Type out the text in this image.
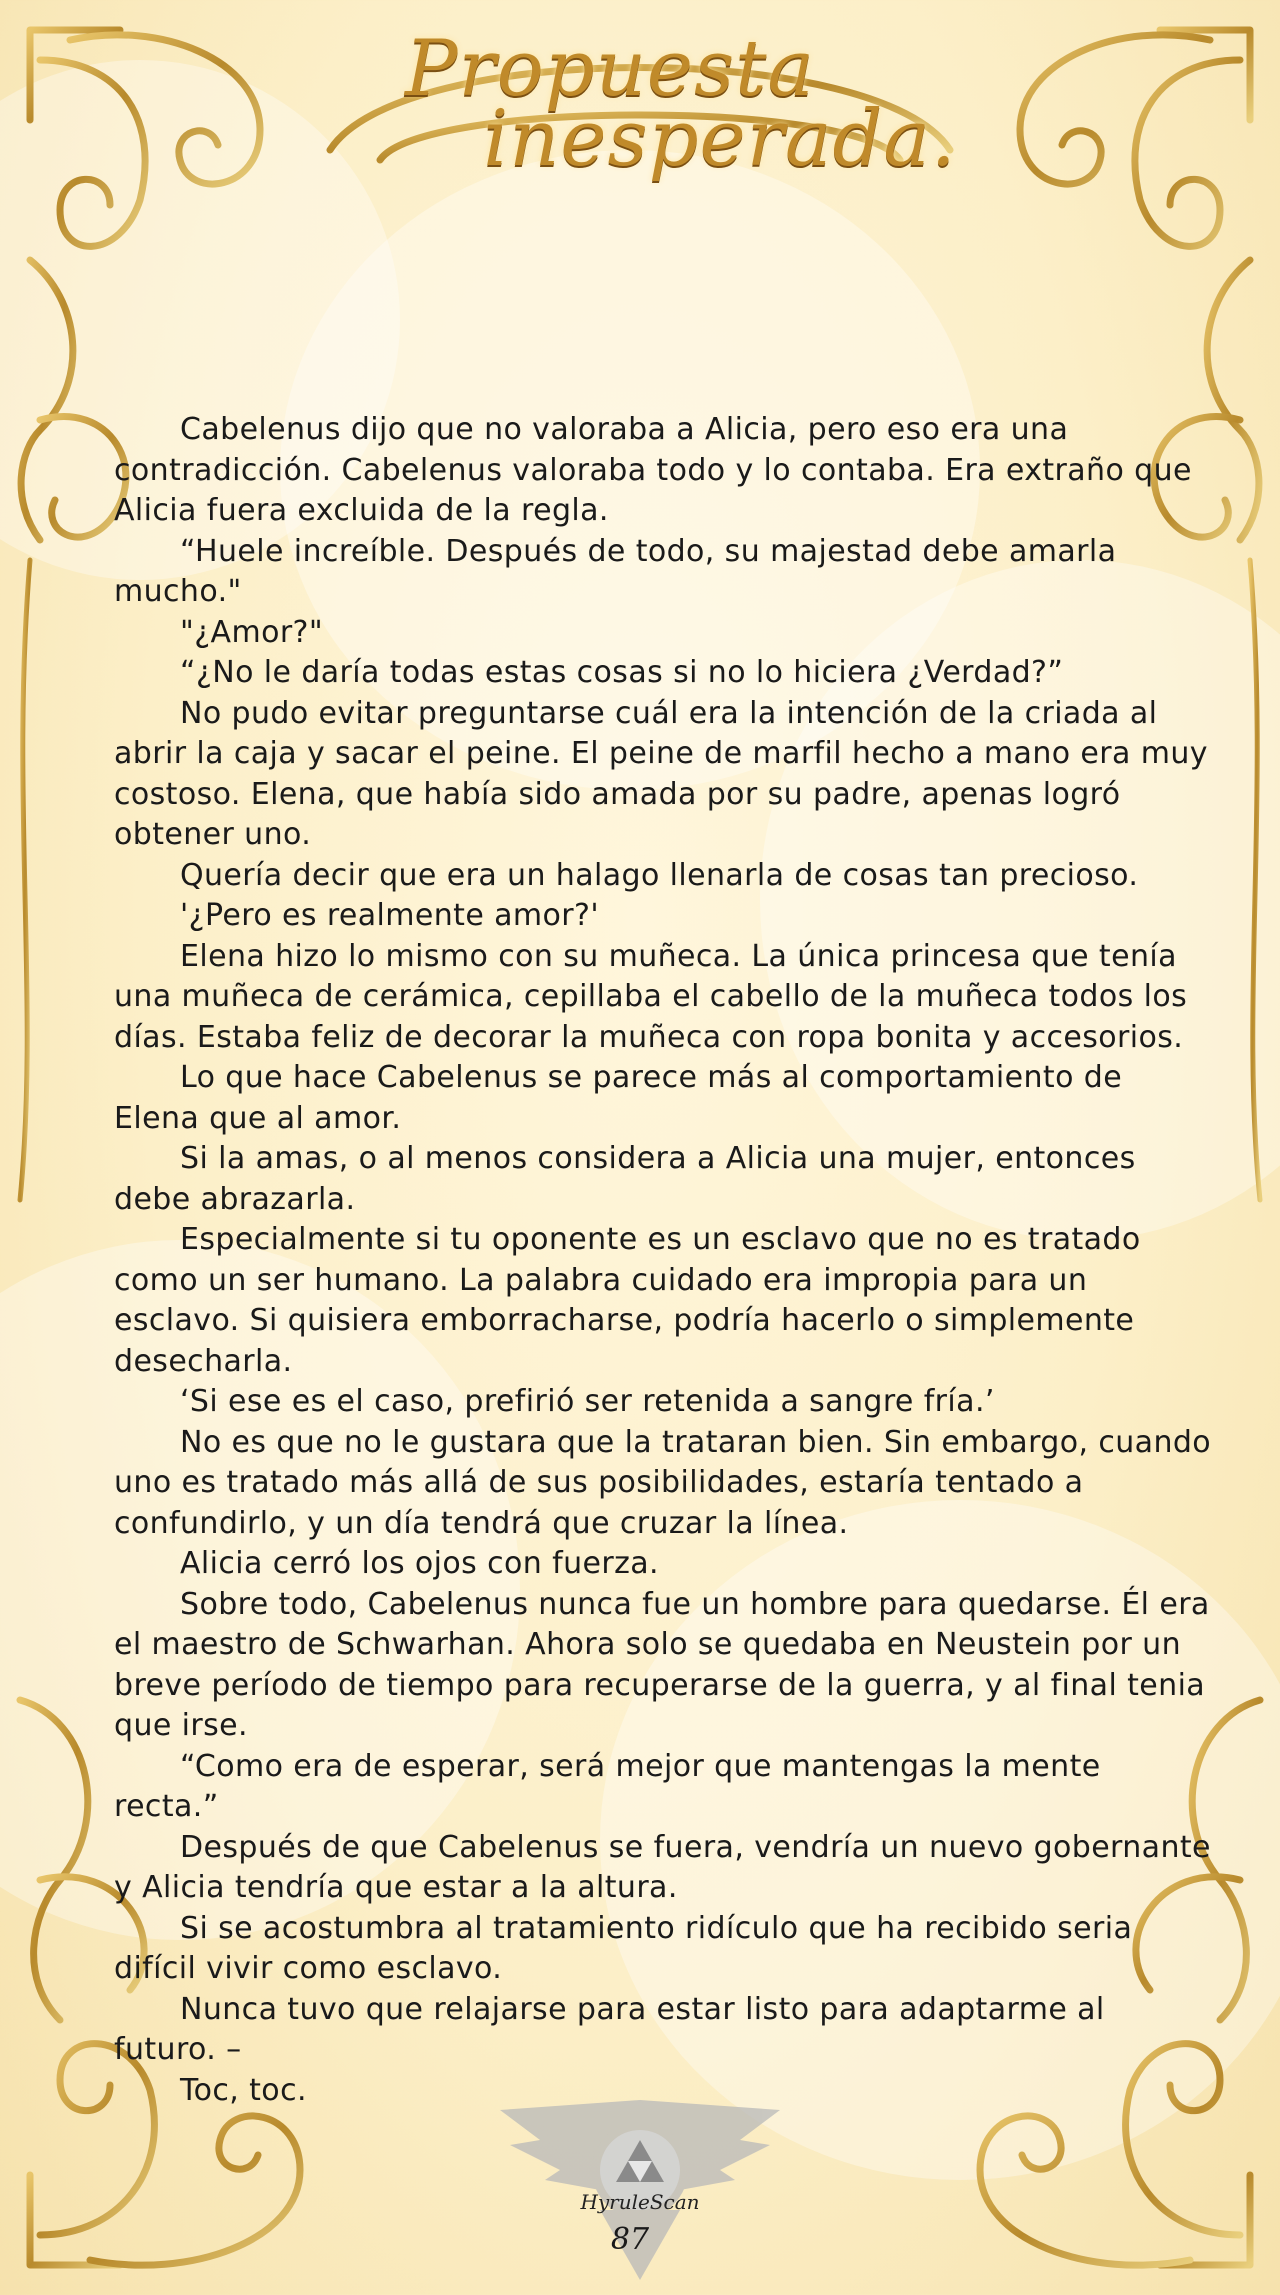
Propuesta
inesperada.

Cabelenus dijo que no valoraba a Alicia, pero eso era una contradicción. Cabelenus valoraba todo y lo contaba. Era extraño que Alicia fuera excluida de la regla.

“Huele increíble. Después de todo, su majestad debe amarla mucho."

"¿Amor?"

“¿No le daría todas estas cosas si no lo hiciera ¿Verdad?”

No pudo evitar preguntarse cuál era la intención de la criada al abrir la caja y sacar el peine. El peine de marfil hecho a mano era muy costoso. Elena, que había sido amada por su padre, apenas logró obtener uno.

Quería decir que era un halago llenarla de cosas tan precioso.

'¿Pero es realmente amor?'

Elena hizo lo mismo con su muñeca. La única princesa que tenía una muñeca de cerámica, cepillaba el cabello de la muñeca todos los días. Estaba feliz de decorar la muñeca con ropa bonita y accesorios.

Lo que hace Cabelenus se parece más al comportamiento de Elena que al amor.

Si la amas, o al menos considera a Alicia una mujer, entonces debe abrazarla.

Especialmente si tu oponente es un esclavo que no es tratado como un ser humano. La palabra cuidado era impropia para un esclavo. Si quisiera emborracharse, podría hacerlo o simplemente desecharla.

‘Si ese es el caso, prefirió ser retenida a sangre fría.’

No es que no le gustara que la trataran bien. Sin embargo, cuando uno es tratado más allá de sus posibilidades, estaría tentado a confundirlo, y un día tendrá que cruzar la línea.

Alicia cerró los ojos con fuerza.

Sobre todo, Cabelenus nunca fue un hombre para quedarse. Él era el maestro de Schwarhan. Ahora solo se quedaba en Neustein por un breve período de tiempo para recuperarse de la guerra, y al final tenia que irse.

“Como era de esperar, será mejor que mantengas la mente recta.”

Después de que Cabelenus se fuera, vendría un nuevo gobernante y Alicia tendría que estar a la altura.

Si se acostumbra al tratamiento ridículo que ha recibido seria difícil vivir como esclavo.

Nunca tuvo que relajarse para estar listo para adaptarme al futuro. –

Toc, toc.

HyruleScan
87
